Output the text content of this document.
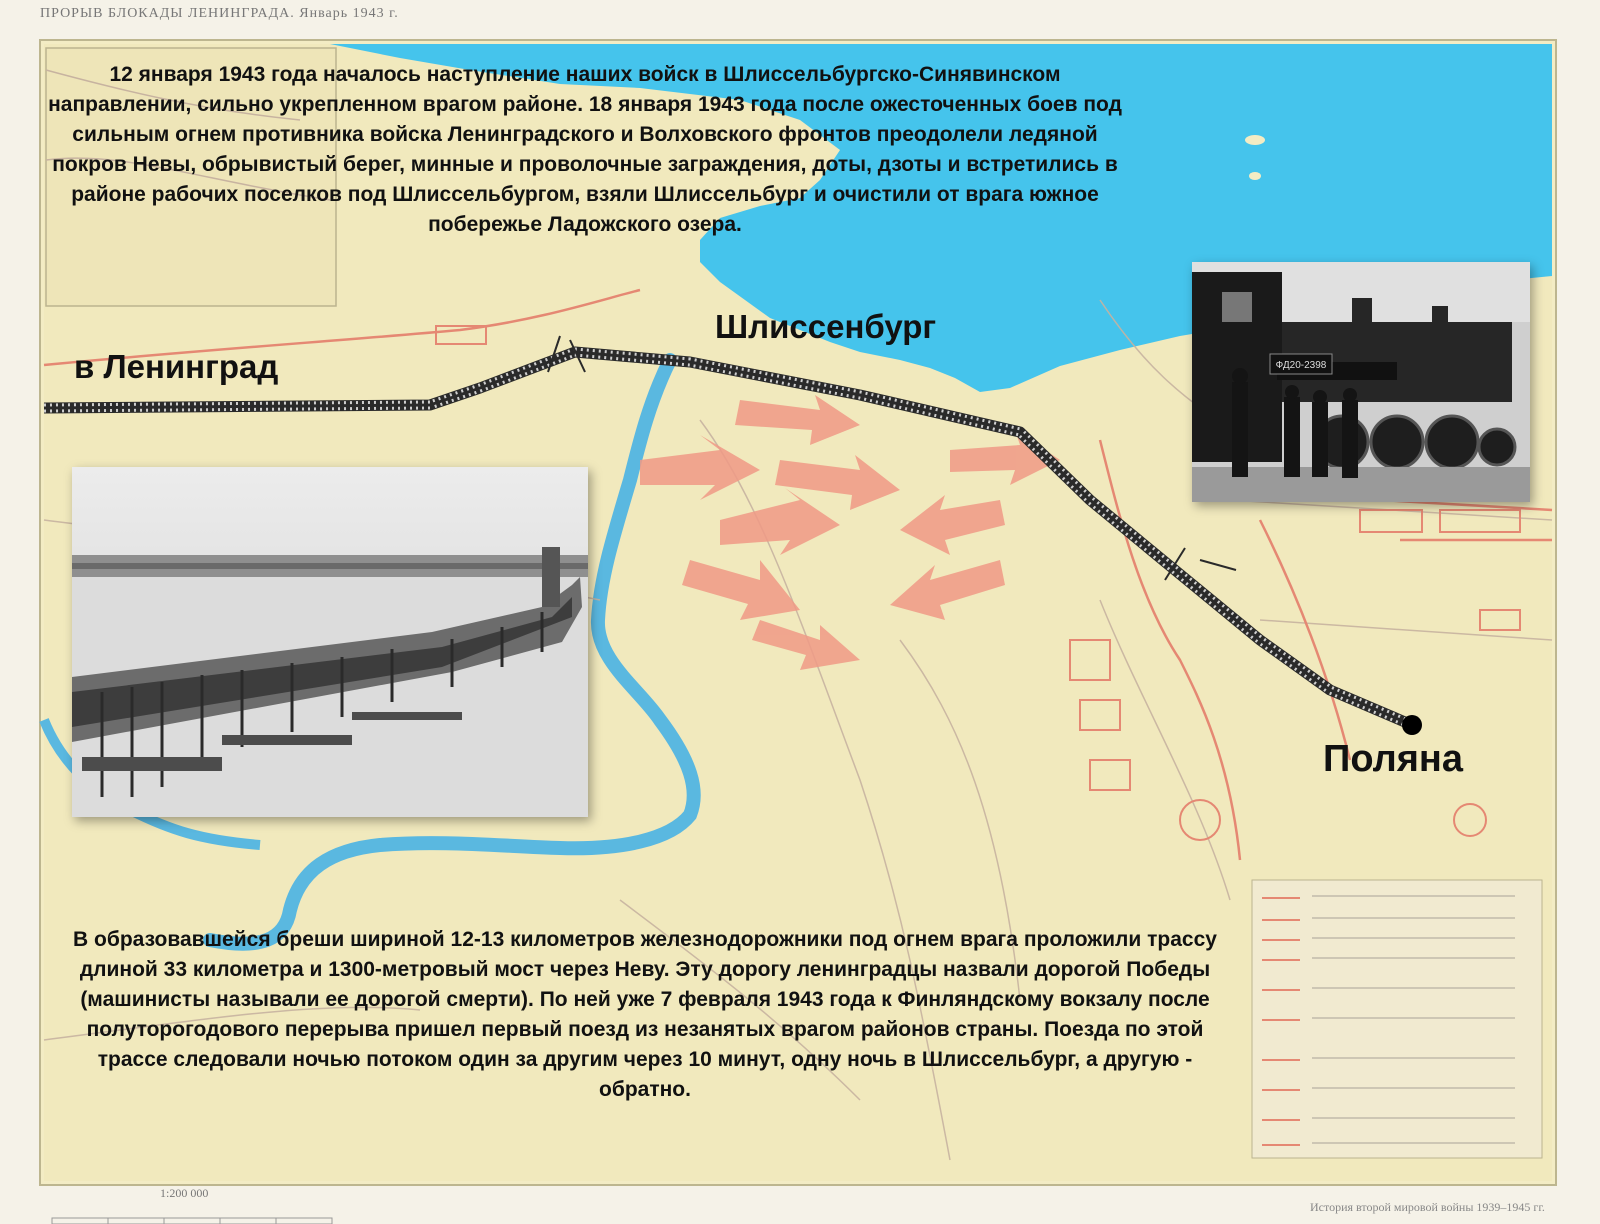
ПРОРЫВ БЛОКАДЫ ЛЕНИНГРАДА. Январь 1943 г.
1:200 000
История второй мировой войны 1939–1945 гг.
ФД20-2398
12 января 1943 года началось наступление наших войск в Шлиссельбургско-Синявинском направлении, сильно укрепленном врагом районе. 18 января 1943 года после ожесточенных боев под сильным огнем противника войска Ленинградского и Волховского фронтов преодолели ледяной покров Невы, обрывистый берег, минные и проволочные заграждения, доты, дзоты и встретились в районе рабочих поселков под Шлиссельбургом, взяли Шлиссельбург и очистили от врага южное побережье Ладожского озера.
В образовавшейся бреши шириной 12-13 километров железнодорожники под огнем врага проложили трассу длиной 33 километра и 1300-метровый мост через Неву. Эту дорогу ленинградцы назвали дорогой Победы (машинисты называли ее дорогой смерти). По ней уже 7 февраля 1943 года к Финляндскому вокзалу после полуторогодового перерыва пришел первый поезд из незанятых врагом районов страны. Поезда по этой трассе следовали ночью потоком один за другим через 10 минут, одну ночь в Шлиссельбург, а другую - обратно.
в Ленинград
Шлиссенбург
Поляна
